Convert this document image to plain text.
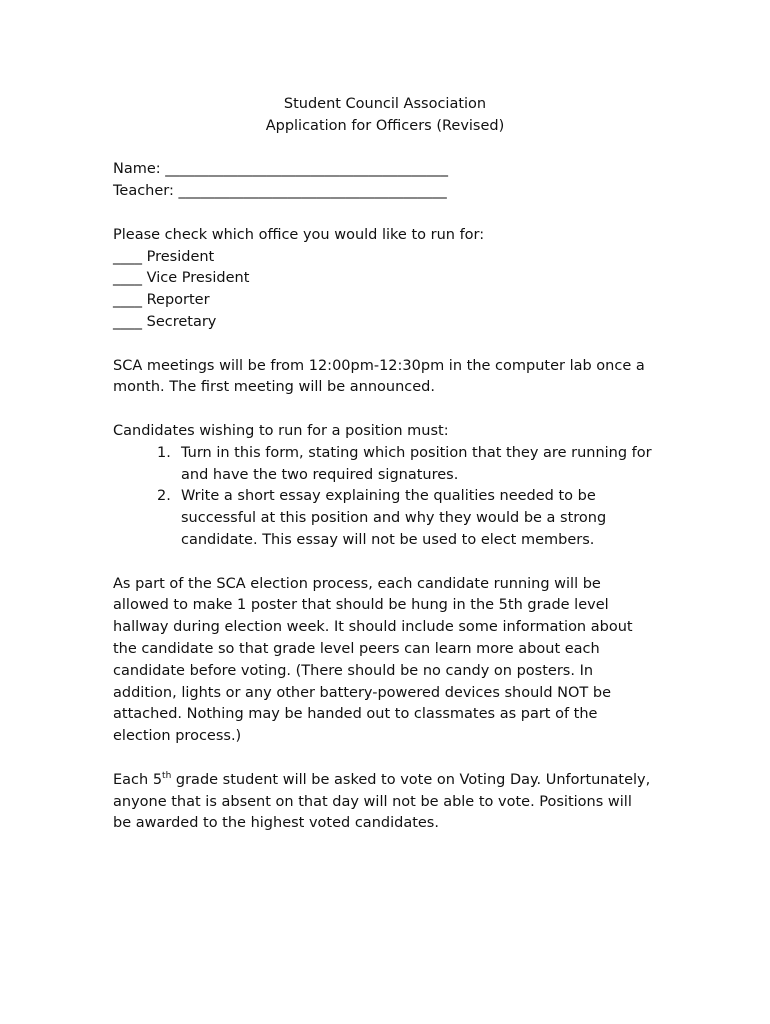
Student Council Association
Application for Officers (Revised)
Name: _______________________________________
Teacher: _____________________________________
Please check which office you would like to run for:
____ President
____ Vice President
____ Reporter
____ Secretary
SCA meetings will be from 12:00pm-12:30pm in the computer lab once a month. The first meeting will be announced.
Candidates wishing to run for a position must:
1. Turn in this form, stating which position that they are running for and have the two required signatures.
2. Write a short essay explaining the qualities needed to be successful at this position and why they would be a strong candidate. This essay will not be used to elect members.
As part of the SCA election process, each candidate running will be allowed to make 1 poster that should be hung in the 5th grade level hallway during election week. It should include some information about the candidate so that grade level peers can learn more about each candidate before voting. (There should be no candy on posters. In addition, lights or any other battery-powered devices should NOT be attached. Nothing may be handed out to classmates as part of the election process.)
Each 5th grade student will be asked to vote on Voting Day. Unfortunately, anyone that is absent on that day will not be able to vote. Positions will be awarded to the highest voted candidates.
